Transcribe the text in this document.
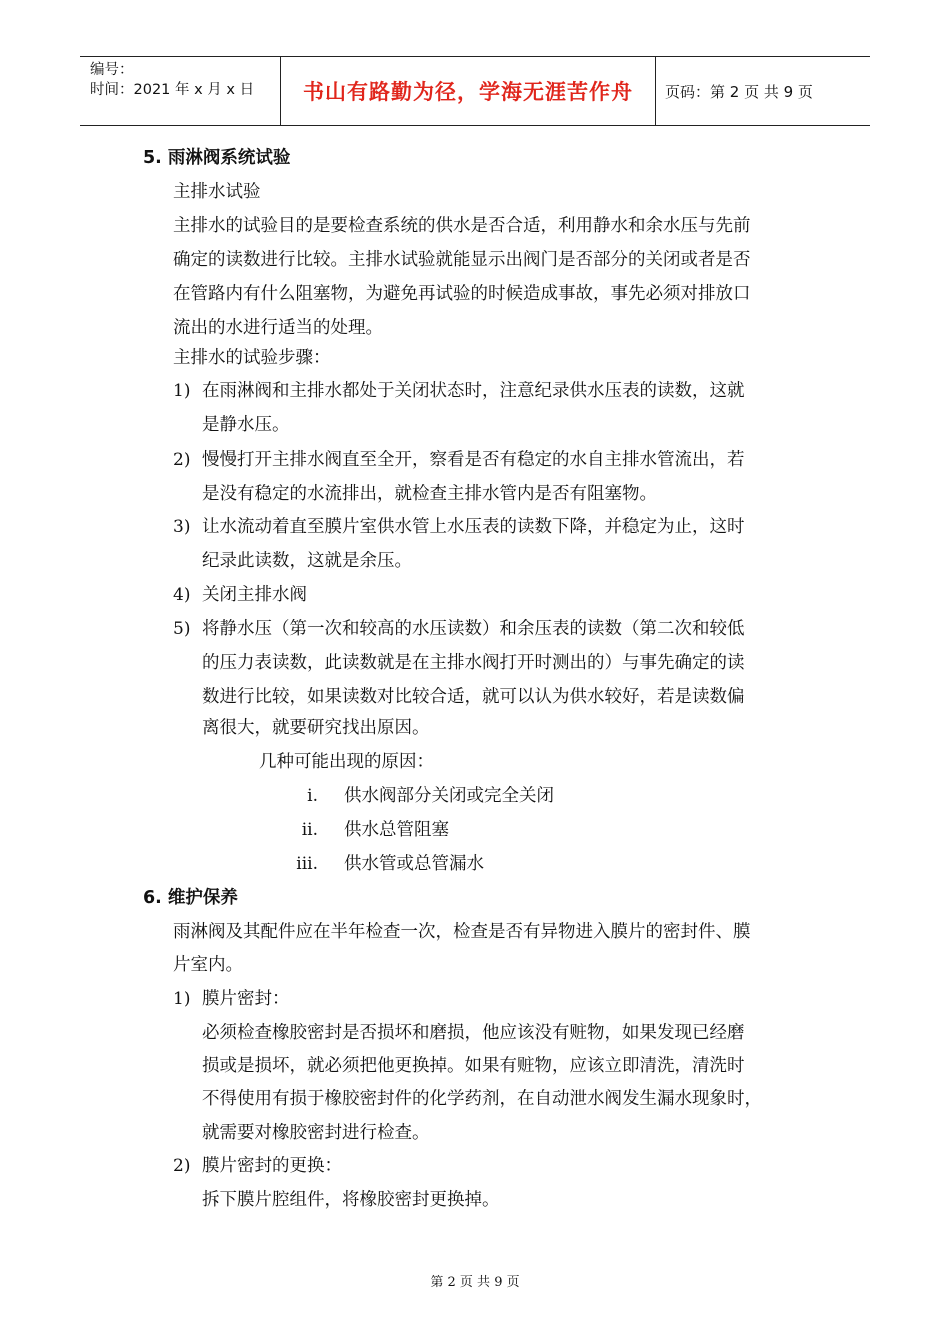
编号：
时间：2021 年 x 月 x 日	书山有路勤为径，学海无涯苦作舟	页码：第 2 页 共 9 页
5. 雨淋阀系统试验
主排水试验
主排水的试验目的是要检查系统的供水是否合适，利用静水和余水压与先前
确定的读数进行比较。主排水试验就能显示出阀门是否部分的关闭或者是否
在管路内有什么阻塞物，为避免再试验的时候造成事故，事先必须对排放口
流出的水进行适当的处理。
主排水的试验步骤：
1) 在雨淋阀和主排水都处于关闭状态时，注意纪录供水压表的读数，这就
是静水压。
2) 慢慢打开主排水阀直至全开，察看是否有稳定的水自主排水管流出，若
是没有稳定的水流排出，就检查主排水管内是否有阻塞物。
3) 让水流动着直至膜片室供水管上水压表的读数下降，并稳定为止，这时
纪录此读数，这就是余压。
4) 关闭主排水阀
5) 将静水压（第一次和较高的水压读数）和余压表的读数（第二次和较低
的压力表读数，此读数就是在主排水阀打开时测出的）与事先确定的读
数进行比较，如果读数对比较合适，就可以认为供水较好，若是读数偏
离很大，就要研究找出原因。
几种可能出现的原因：
i. 供水阀部分关闭或完全关闭
ii. 供水总管阻塞
iii. 供水管或总管漏水
6. 维护保养
雨淋阀及其配件应在半年检查一次，检查是否有异物进入膜片的密封件、膜
片室内。
1) 膜片密封：
必须检查橡胶密封是否损坏和磨损，他应该没有赃物，如果发现已经磨
损或是损坏，就必须把他更换掉。如果有赃物，应该立即清洗，清洗时
不得使用有损于橡胶密封件的化学药剂，在自动泄水阀发生漏水现象时，
就需要对橡胶密封进行检查。
2) 膜片密封的更换：
拆下膜片腔组件，将橡胶密封更换掉。
第 2 页 共 9 页
